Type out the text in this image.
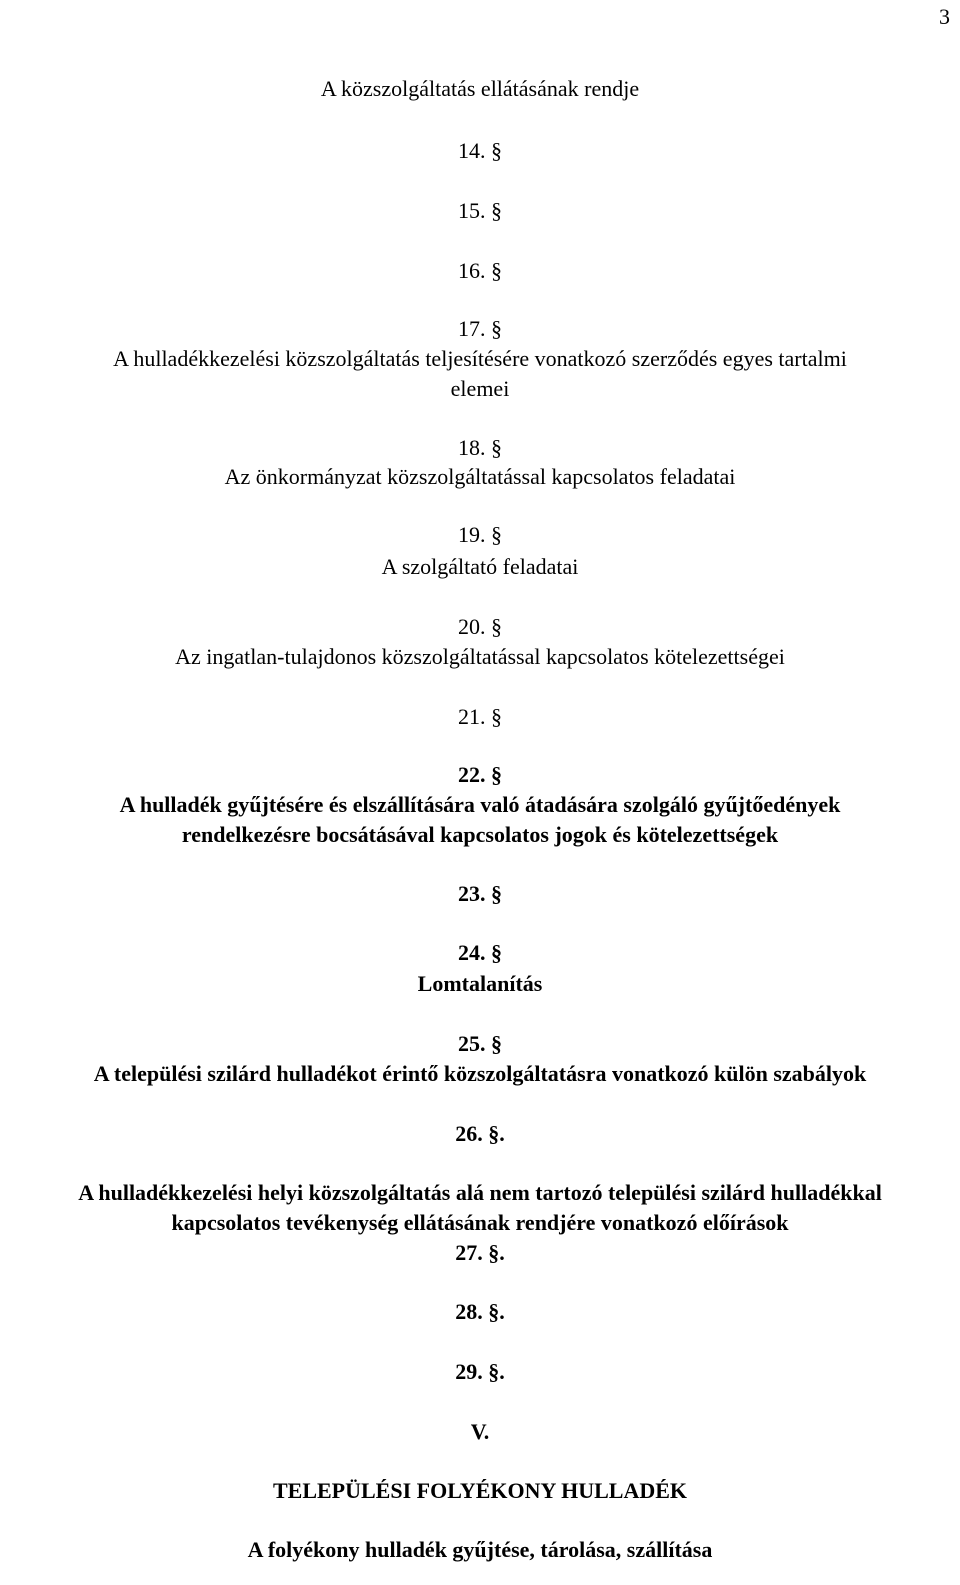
3
A közszolgáltatás ellátásának rendje
14. §
15. §
16. §
17. §
A hulladékkezelési közszolgáltatás teljesítésére vonatkozó szerződés egyes tartalmi
elemei
18. §
Az önkormányzat közszolgáltatással kapcsolatos feladatai
19. §
A szolgáltató feladatai
20. §
Az ingatlan-tulajdonos közszolgáltatással kapcsolatos kötelezettségei
21. §
22. §
A hulladék gyűjtésére és elszállítására való átadására szolgáló gyűjtőedények
rendelkezésre bocsátásával kapcsolatos jogok és kötelezettségek
23. §
24. §
Lomtalanítás
25. §
A települési szilárd hulladékot érintő közszolgáltatásra vonatkozó külön szabályok
26. §.
A hulladékkezelési helyi közszolgáltatás alá nem tartozó települési szilárd hulladékkal
kapcsolatos tevékenység ellátásának rendjére vonatkozó előírások
27. §.
28. §.
29. §.
V.
TELEPÜLÉSI FOLYÉKONY HULLADÉK
A folyékony hulladék gyűjtése, tárolása, szállítása
